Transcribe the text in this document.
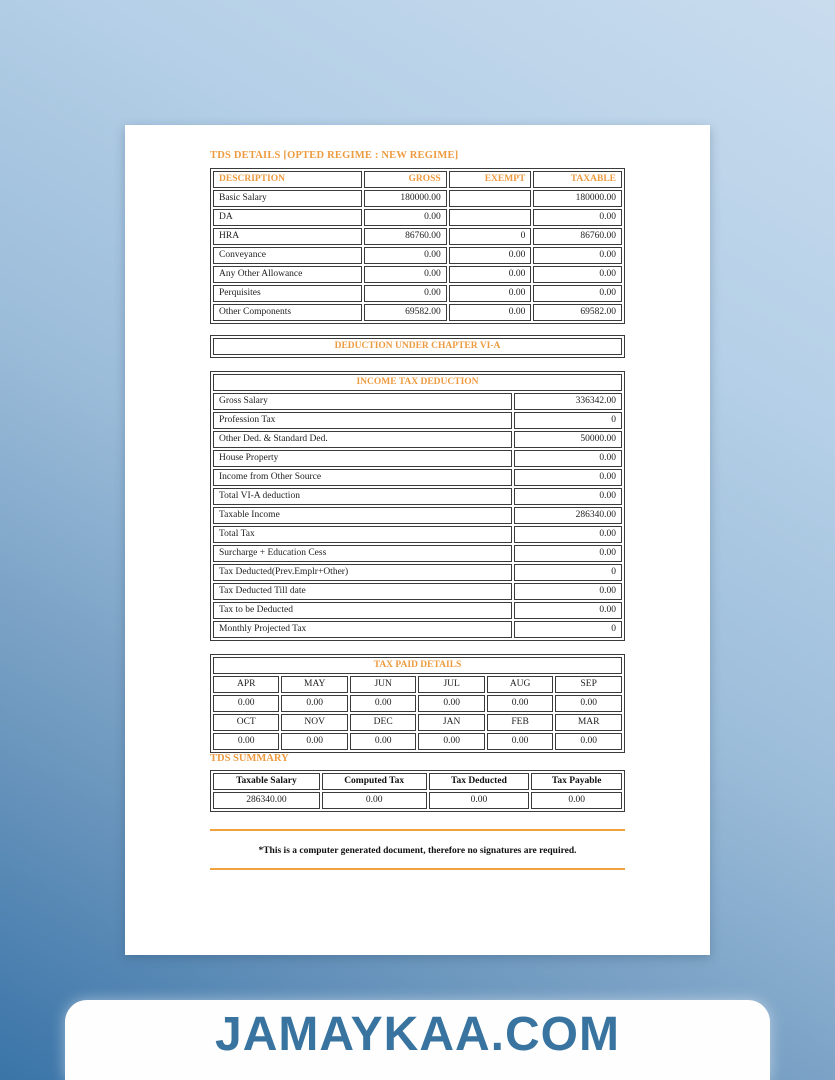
TDS DETAILS [OPTED REGIME : NEW REGIME]
DESCRIPTION	GROSS	EXEMPT	TAXABLE
Basic Salary	180000.00		180000.00
DA	0.00		0.00
HRA	86760.00	0	86760.00
Conveyance	0.00	0.00	0.00
Any Other Allowance	0.00	0.00	0.00
Perquisites	0.00	0.00	0.00
Other Components	69582.00	0.00	69582.00
DEDUCTION UNDER CHAPTER VI-A
INCOME TAX DEDUCTION	
Gross Salary	336342.00
Profession Tax	0
Other Ded. & Standard Ded.	50000.00
House Property	0.00
Income from Other Source	0.00
Total VI-A deduction	0.00
Taxable Income	286340.00
Total Tax	0.00
Surcharge + Education Cess	0.00
Tax Deducted(Prev.Emplr+Other)	0
Tax Deducted Till date	0.00
Tax to be Deducted	0.00
Monthly Projected Tax	0
TAX PAID DETAILS					
APR	MAY	JUN	JUL	AUG	SEP
0.00	0.00	0.00	0.00	0.00	0.00
OCT	NOV	DEC	JAN	FEB	MAR
0.00	0.00	0.00	0.00	0.00	0.00
TDS SUMMARY
Taxable Salary	Computed Tax	Tax Deducted	Tax Payable
286340.00	0.00	0.00	0.00
*This is a computer generated document, therefore no signatures are required.
JAMAYKAA.COM
